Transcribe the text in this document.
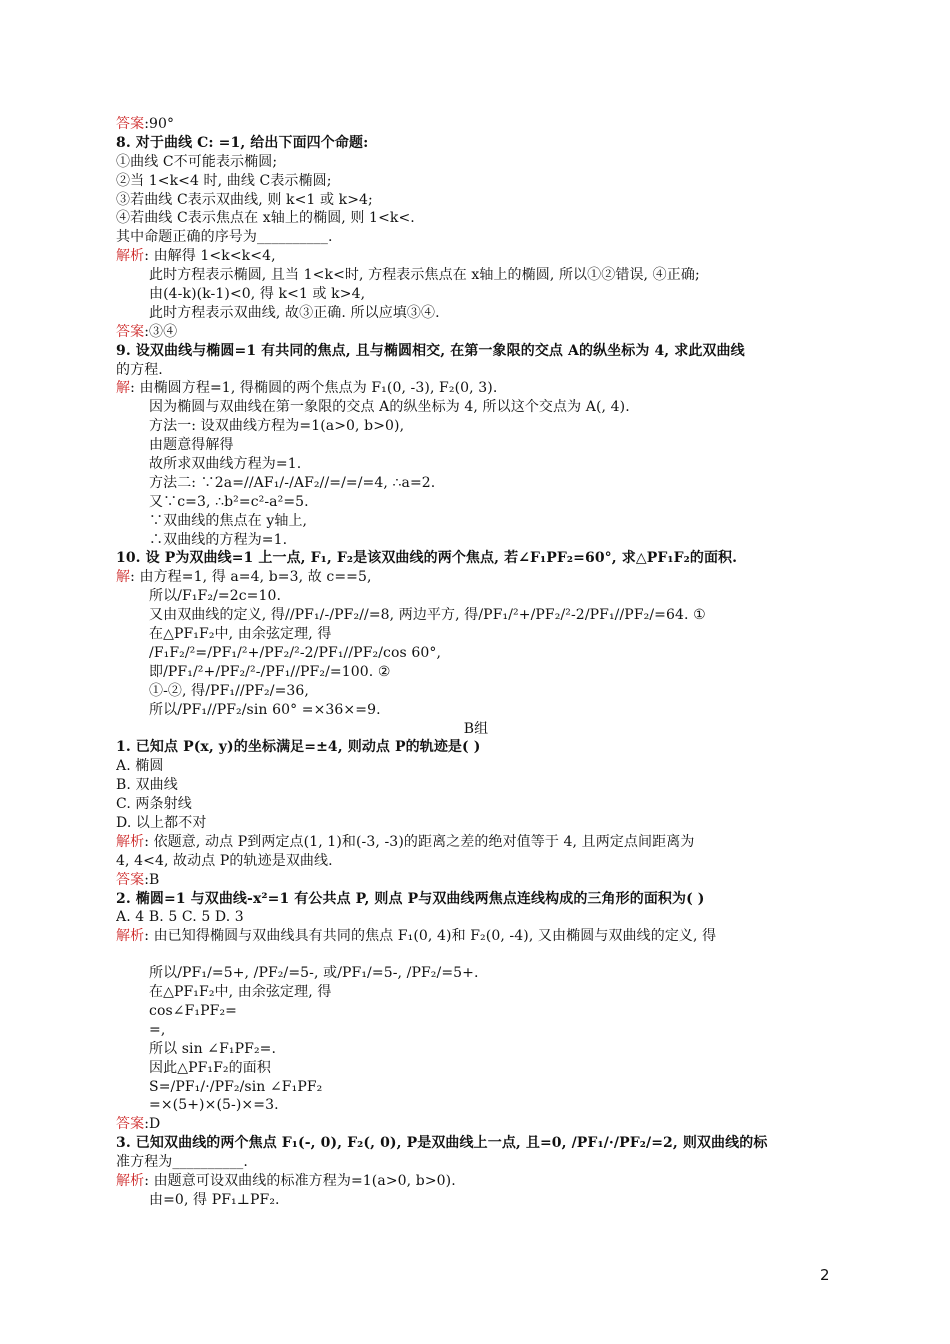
答案:90°
8. 对于曲线 C: =1, 给出下面四个命题:
①曲线 C不可能表示椭圆;
②当 1<k<4 时, 曲线 C表示椭圆;
③若曲线 C表示双曲线, 则 k<1 或 k>4;
④若曲线 C表示焦点在 x轴上的椭圆, 则 1<k<.
其中命题正确的序号为__________.
解析: 由解得 1<k<k<4,
此时方程表示椭圆, 且当 1<k<时, 方程表示焦点在 x轴上的椭圆, 所以①②错误, ④正确;
由(4-k)(k-1)<0, 得 k<1 或 k>4,
此时方程表示双曲线, 故③正确. 所以应填③④.
答案:③④
9. 设双曲线与椭圆=1 有共同的焦点, 且与椭圆相交, 在第一象限的交点 A的纵坐标为 4, 求此双曲线
的方程.
解: 由椭圆方程=1, 得椭圆的两个焦点为 F₁(0, -3), F₂(0, 3).
因为椭圆与双曲线在第一象限的交点 A的纵坐标为 4, 所以这个交点为 A(, 4).
方法一: 设双曲线方程为=1(a>0, b>0),
由题意得解得
故所求双曲线方程为=1.
方法二: ∵2a=//AF₁/-/AF₂//=/=/=4, ∴a=2.
又∵c=3, ∴b²=c²-a²=5.
∵双曲线的焦点在 y轴上,
∴双曲线的方程为=1.
10. 设 P为双曲线=1 上一点, F₁, F₂是该双曲线的两个焦点, 若∠F₁PF₂=60°, 求△PF₁F₂的面积.
解: 由方程=1, 得 a=4, b=3, 故 c==5,
所以/F₁F₂/=2c=10.
又由双曲线的定义, 得//PF₁/-/PF₂//=8, 两边平方, 得/PF₁/²+/PF₂/²-2/PF₁//PF₂/=64. ①
在△PF₁F₂中, 由余弦定理, 得
/F₁F₂/²=/PF₁/²+/PF₂/²-2/PF₁//PF₂/cos 60°,
即/PF₁/²+/PF₂/²-/PF₁//PF₂/=100. ②
①-②, 得/PF₁//PF₂/=36,
所以/PF₁//PF₂/sin 60° =×36×=9.
B组
1. 已知点 P(x, y)的坐标满足=±4, 则动点 P的轨迹是( )
A. 椭圆
B. 双曲线
C. 两条射线
D. 以上都不对
解析: 依题意, 动点 P到两定点(1, 1)和(-3, -3)的距离之差的绝对值等于 4, 且两定点间距离为
4, 4<4, 故动点 P的轨迹是双曲线.
答案:B
2. 椭圆=1 与双曲线-x²=1 有公共点 P, 则点 P与双曲线两焦点连线构成的三角形的面积为( )
A. 4 B. 5 C. 5 D. 3
解析: 由已知得椭圆与双曲线具有共同的焦点 F₁(0, 4)和 F₂(0, -4), 又由椭圆与双曲线的定义, 得
所以/PF₁/=5+, /PF₂/=5-, 或/PF₁/=5-, /PF₂/=5+.
在△PF₁F₂中, 由余弦定理, 得
cos∠F₁PF₂=
=,
所以 sin ∠F₁PF₂=.
因此△PF₁F₂的面积
S=/PF₁/·/PF₂/sin ∠F₁PF₂
=×(5+)×(5-)×=3.
答案:D
3. 已知双曲线的两个焦点 F₁(-, 0), F₂(, 0), P是双曲线上一点, 且=0, /PF₁/·/PF₂/=2, 则双曲线的标
准方程为__________.
解析: 由题意可设双曲线的标准方程为=1(a>0, b>0).
由=0, 得 PF₁⊥PF₂.
2
